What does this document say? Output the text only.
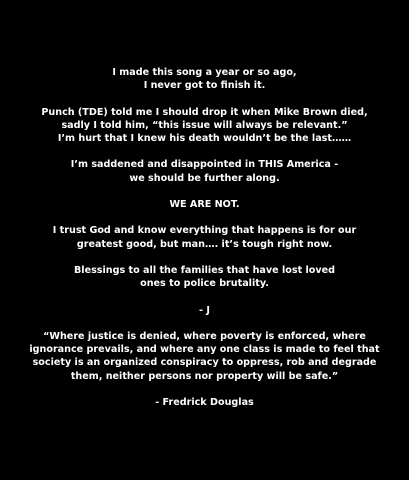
I made this song a year or so ago,
I never got to finish it.

Punch (TDE) told me I should drop it when Mike Brown died,
sadly I told him, “this issue will always be relevant.”
I’m hurt that I knew his death wouldn’t be the last……

I’m saddened and disappointed in THIS America -
we should be further along.

WE ARE NOT.

I trust God and know everything that happens is for our
greatest good, but man…. it’s tough right now.

Blessings to all the families that have lost loved
ones to police brutality.

- J

“Where justice is denied, where poverty is enforced, where
ignorance prevails, and where any one class is made to feel that
society is an organized conspiracy to oppress, rob and degrade
them, neither persons nor property will be safe.”

- Fredrick Douglas
